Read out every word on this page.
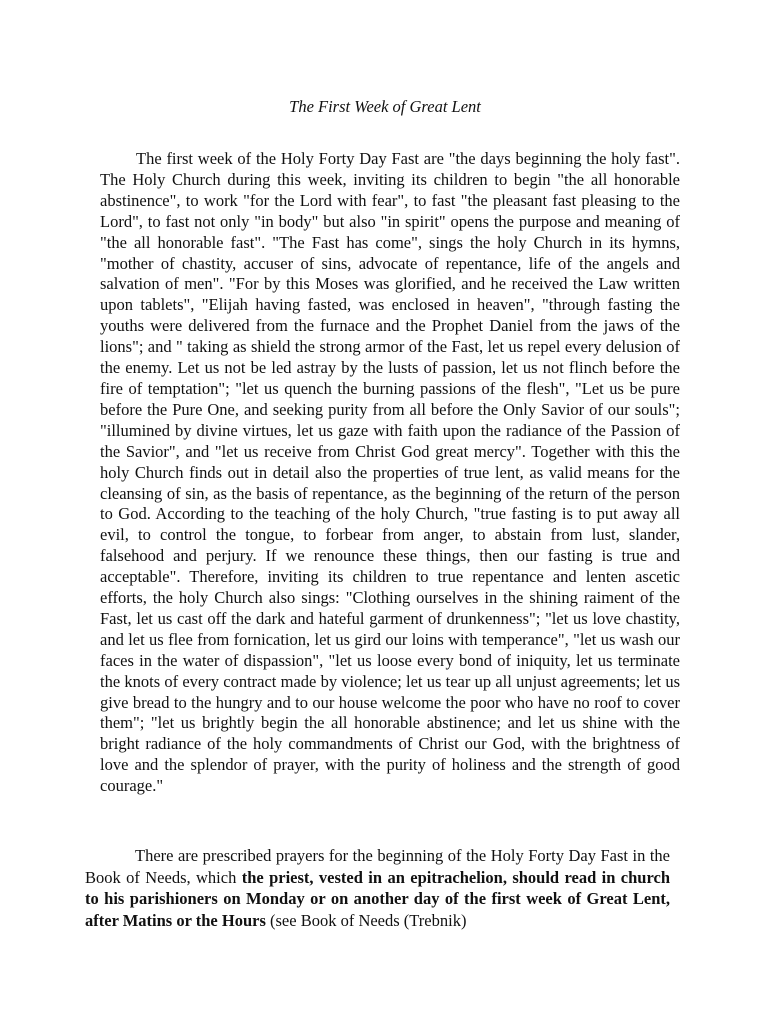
The First Week of Great Lent

The first week of the Holy Forty Day Fast are "the days beginning the holy fast". The Holy Church during this week, inviting its children to begin "the all honorable abstinence", to work "for the Lord with fear", to fast "the pleasant fast pleasing to the Lord", to fast not only "in body" but also "in spirit" opens the purpose and meaning of "the all honorable fast". "The Fast has come", sings the holy Church in its hymns, "mother of chastity, accuser of sins, advocate of repentance, life of the angels and salvation of men". "For by this Moses was glorified, and he received the Law written upon tablets", "Elijah having fasted, was enclosed in heaven", "through fasting the youths were delivered from the furnace and the Prophet Daniel from the jaws of the lions"; and " taking as shield the strong armor of the Fast, let us repel every delusion of the enemy. Let us not be led astray by the lusts of passion, let us not flinch before the fire of temptation"; "let us quench the burning passions of the flesh", "Let us be pure before the Pure One, and seeking purity from all before the Only Savior of our souls"; "illumined by divine virtues, let us gaze with faith upon the radiance of the Passion of the Savior", and "let us receive from Christ God great mercy". Together with this the holy Church finds out in detail also the properties of true lent, as valid means for the cleansing of sin, as the basis of repentance, as the beginning of the return of the person to God. According to the teaching of the holy Church, "true fasting is to put away all evil, to control the tongue, to forbear from anger, to abstain from lust, slander, falsehood and perjury. If we renounce these things, then our fasting is true and acceptable". Therefore, inviting its children to true repentance and lenten ascetic efforts, the holy Church also sings: "Clothing ourselves in the shining raiment of the Fast, let us cast off the dark and hateful garment of drunkenness"; "let us love chastity, and let us flee from fornication, let us gird our loins with temperance", "let us wash our faces in the water of dispassion", "let us loose every bond of iniquity, let us terminate the knots of every contract made by violence; let us tear up all unjust agreements; let us give bread to the hungry and to our house welcome the poor who have no roof to cover them"; "let us brightly begin the all honorable abstinence; and let us shine with the bright radiance of the holy commandments of Christ our God, with the brightness of love and the splendor of prayer, with the purity of holiness and the strength of good courage."

There are prescribed prayers for the beginning of the Holy Forty Day Fast in the Book of Needs, which the priest, vested in an epitrachelion, should read in church to his parishioners on Monday or on another day of the first week of Great Lent, after Matins or the Hours (see Book of Needs (Trebnik)
